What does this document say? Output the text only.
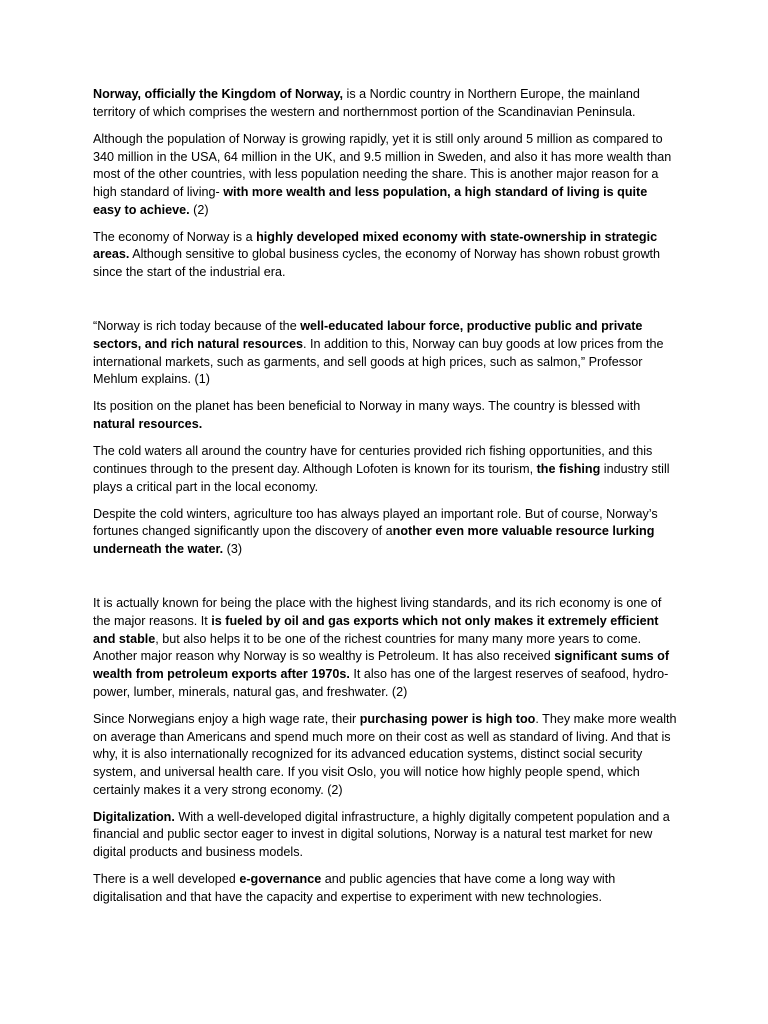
Norway, officially the Kingdom of Norway, is a Nordic country in Northern Europe, the mainland territory of which comprises the western and northernmost portion of the Scandinavian Peninsula.

Although the population of Norway is growing rapidly, yet it is still only around 5 million as compared to 340 million in the USA, 64 million in the UK, and 9.5 million in Sweden, and also it has more wealth than most of the other countries, with less population needing the share. This is another major reason for a high standard of living- with more wealth and less population, a high standard of living is quite easy to achieve. (2)

The economy of Norway is a highly developed mixed economy with state-ownership in strategic areas. Although sensitive to global business cycles, the economy of Norway has shown robust growth since the start of the industrial era.

“Norway is rich today because of the well-educated labour force, productive public and private sectors, and rich natural resources. In addition to this, Norway can buy goods at low prices from the international markets, such as garments, and sell goods at high prices, such as salmon,” Professor Mehlum explains. (1)

Its position on the planet has been beneficial to Norway in many ways. The country is blessed with natural resources.

The cold waters all around the country have for centuries provided rich fishing opportunities, and this continues through to the present day. Although Lofoten is known for its tourism, the fishing industry still plays a critical part in the local economy.

Despite the cold winters, agriculture too has always played an important role. But of course, Norway’s fortunes changed significantly upon the discovery of another even more valuable resource lurking underneath the water. (3)

It is actually known for being the place with the highest living standards, and its rich economy is one of the major reasons. It is fueled by oil and gas exports which not only makes it extremely efficient and stable, but also helps it to be one of the richest countries for many many more years to come. Another major reason why Norway is so wealthy is Petroleum. It has also received significant sums of wealth from petroleum exports after 1970s. It also has one of the largest reserves of seafood, hydro-power, lumber, minerals, natural gas, and freshwater. (2)

Since Norwegians enjoy a high wage rate, their purchasing power is high too. They make more wealth on average than Americans and spend much more on their cost as well as standard of living. And that is why, it is also internationally recognized for its advanced education systems, distinct social security system, and universal health care. If you visit Oslo, you will notice how highly people spend, which certainly makes it a very strong economy. (2)

Digitalization. With a well-developed digital infrastructure, a highly digitally competent population and a financial and public sector eager to invest in digital solutions, Norway is a natural test market for new digital products and business models.

There is a well developed e-governance and public agencies that have come a long way with digitalisation and that have the capacity and expertise to experiment with new technologies.
